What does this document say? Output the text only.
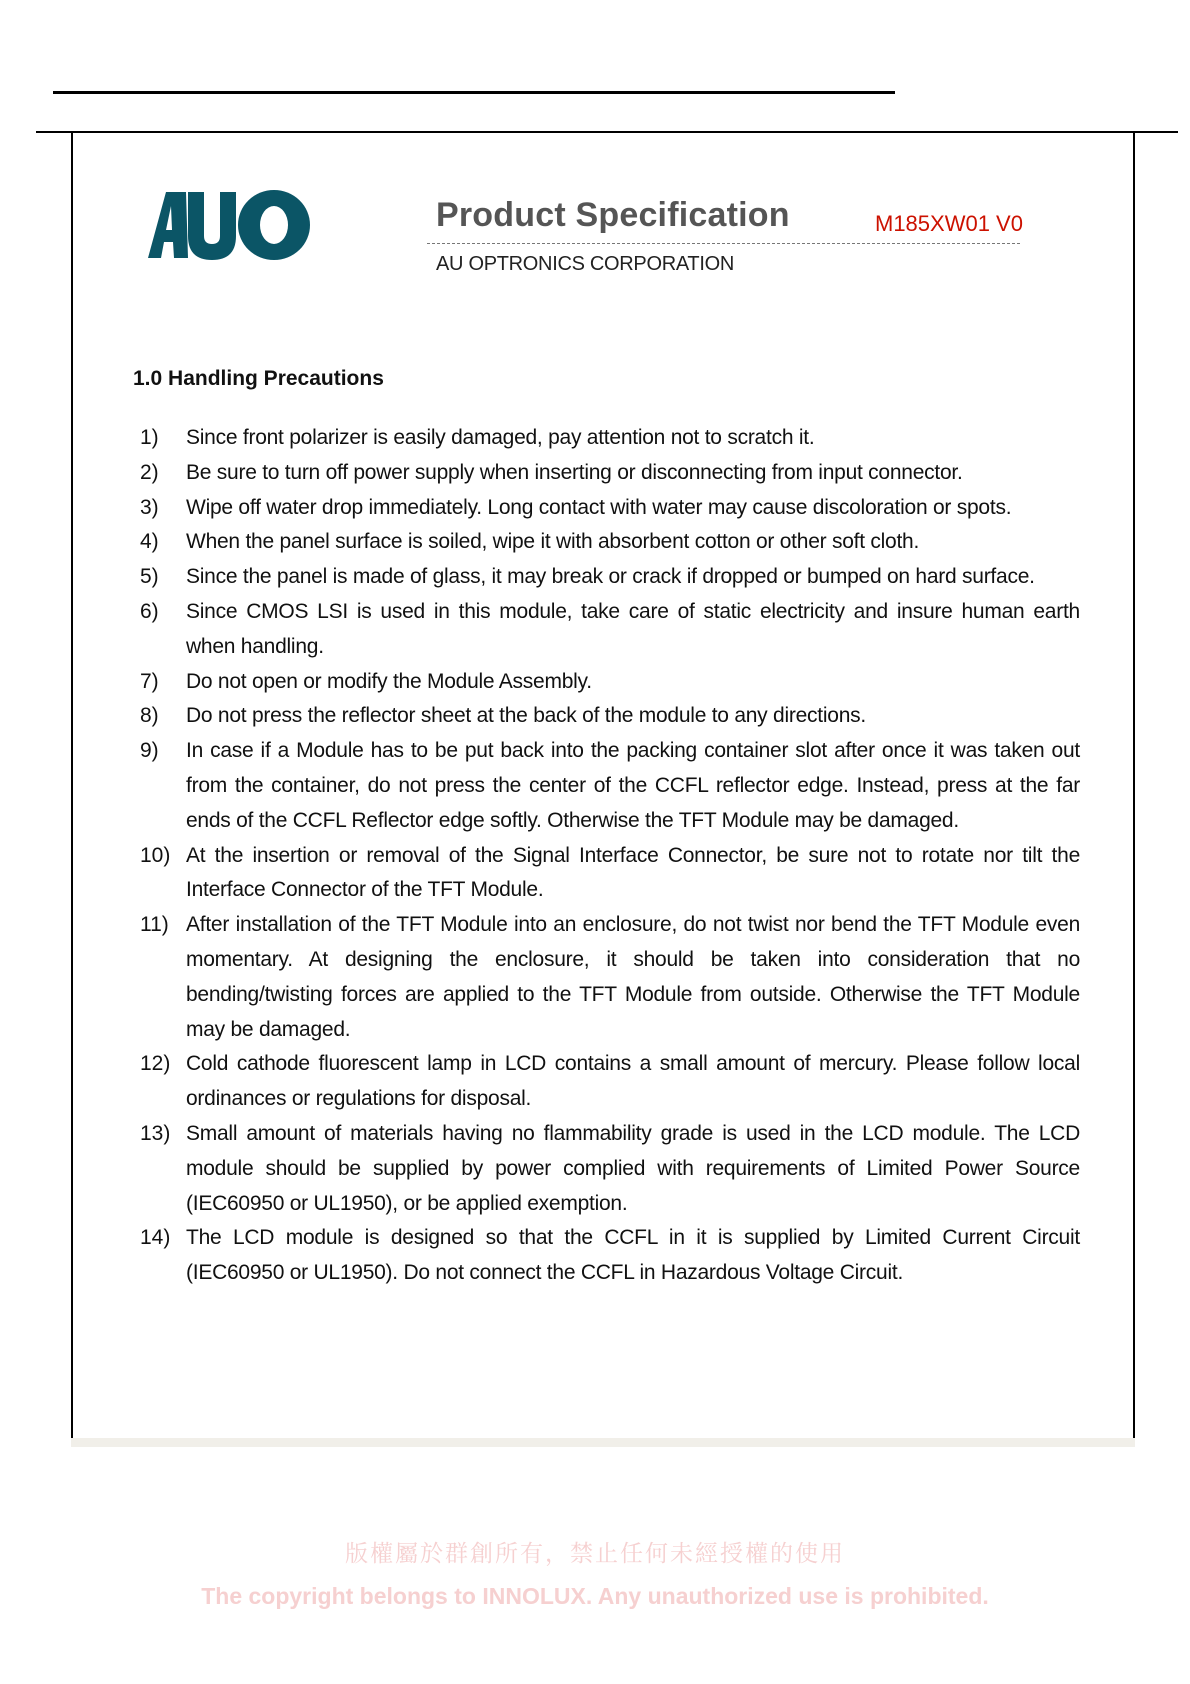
Product Specification	M185XW01 V0
AU OPTRONICS CORPORATION
1.0 Handling Precautions
1) Since front polarizer is easily damaged, pay attention not to scratch it.
2) Be sure to turn off power supply when inserting or disconnecting from input connector.
3) Wipe off water drop immediately. Long contact with water may cause discoloration or spots.
4) When the panel surface is soiled, wipe it with absorbent cotton or other soft cloth.
5) Since the panel is made of glass, it may break or crack if dropped or bumped on hard surface.
6) Since CMOS LSI is used in this module, take care of static electricity and insure human earth when handling.
7) Do not open or modify the Module Assembly.
8) Do not press the reflector sheet at the back of the module to any directions.
9) In case if a Module has to be put back into the packing container slot after once it was taken out from the container, do not press the center of the CCFL reflector edge. Instead, press at the far ends of the CCFL Reflector edge softly. Otherwise the TFT Module may be damaged.
10) At the insertion or removal of the Signal Interface Connector, be sure not to rotate nor tilt the Interface Connector of the TFT Module.
11) After installation of the TFT Module into an enclosure, do not twist nor bend the TFT Module even momentary. At designing the enclosure, it should be taken into consideration that no bending/twisting forces are applied to the TFT Module from outside. Otherwise the TFT Module may be damaged.
12) Cold cathode fluorescent lamp in LCD contains a small amount of mercury. Please follow local ordinances or regulations for disposal.
13) Small amount of materials having no flammability grade is used in the LCD module. The LCD module should be supplied by power complied with requirements of Limited Power Source (IEC60950 or UL1950), or be applied exemption.
14) The LCD module is designed so that the CCFL in it is supplied by Limited Current Circuit (IEC60950 or UL1950). Do not connect the CCFL in Hazardous Voltage Circuit.
版權屬於群創所有，禁止任何未經授權的使用
The copyright belongs to INNOLUX. Any unauthorized use is prohibited.
